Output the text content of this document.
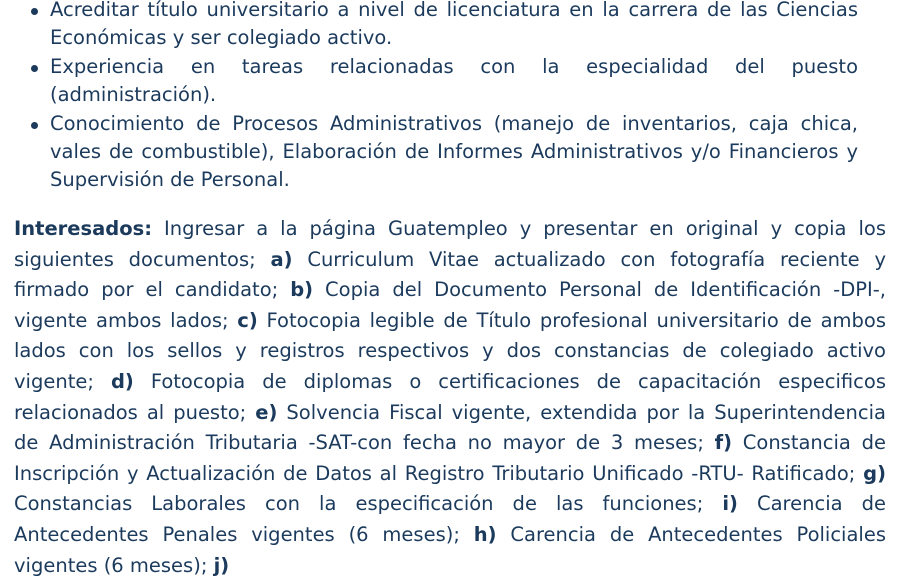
Acreditar título universitario a nivel de licenciatura en la carrera de las Ciencias Económicas y ser colegiado activo.
Experiencia en tareas relacionadas con la especialidad del puesto (administración).
Conocimiento de Procesos Administrativos (manejo de inventarios, caja chica, vales de combustible), Elaboración de Informes Administrativos y/o Financieros y Supervisión de Personal.

Interesados: Ingresar a la página Guatempleo y presentar en original y copia los siguientes documentos; a) Curriculum Vitae actualizado con fotografía reciente y firmado por el candidato; b) Copia del Documento Personal de Identificación -DPI-, vigente ambos lados; c) Fotocopia legible de Título profesional universitario de ambos lados con los sellos y registros respectivos y dos constancias de colegiado activo vigente; d) Fotocopia de diplomas o certificaciones de capacitación especificos relacionados al puesto; e) Solvencia Fiscal vigente, extendida por la Superintendencia de Administración Tributaria -SAT-con fecha no mayor de 3 meses; f) Constancia de Inscripción y Actualización de Datos al Registro Tributario Unificado -RTU- Ratificado; g) Constancias Laborales con la especificación de las funciones; i) Carencia de Antecedentes Penales vigentes (6 meses); h) Carencia de Antecedentes Policiales vigentes (6 meses); j)
